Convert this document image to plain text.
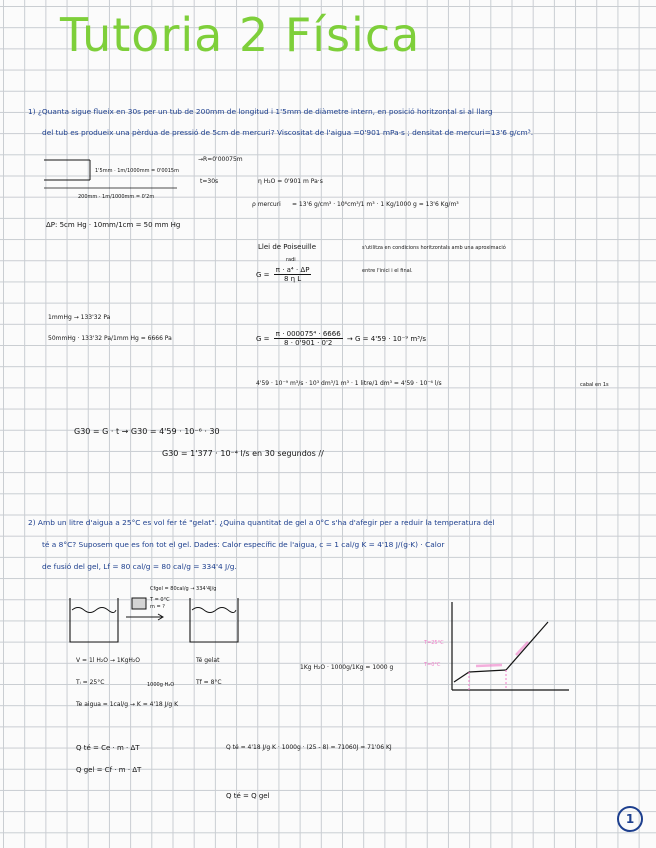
Tutoria 2 Física
1) ¿Quanta sigue flueix en 30s per un tub de 200mm de longitud i 1'5mm de diàmetre intern, en posició horitzontal si al llarg
del tub es produeix una pèrdua de pressió de 5cm de mercuri? Viscositat de l'aigua =0'901 mPa·s ; densitat de mercuri=13'6 g/cm³.
1'5mm · 1m/1000mm = 0'0015m
→R=0'00075m
200mm · 1m/1000mm = 0'2m
t=30s	η H₂O = 0'901 m Pa·s
ρ mercuri = 13'6 g/cm³ · 10⁶cm³/1 m³ · 1 Kg/1000 g = 13'6 Kg/m³
ΔP: 5cm Hg · 10mm/1cm = 50 mm Hg
Llei de Poiseuille	s'utilitza en condicions horitzontals amb una aproximació
entre l'inici i el final.
radi
$G = \frac{\text{π · a⁴ · ΔP}}{\text{8 η L}}$
1mmHg → 133'32 Pa
50mmHg · 133'32 Pa/1mm Hg = 6666 Pa	$G = \frac{\text{π · 000075⁴ · 6666}}{8 \cdot 0'901 \cdot 0'2} \to G = 4'59 \cdot 10^{-9}$ m³/s
4'59 · 10⁻⁹ m³/s · 10³ dm³/1 m³ · 1 litre/1 dm³ = 4'59 · 10⁻⁶ l/s	cabal en 1s
G30 = G · t → G30 = 4'59 · 10⁻⁶ · 30
G30 = 1'377 · 10⁻⁴ l/s en 30 segundos //
2) Amb un litre d'aigua a 25°C es vol fer té "gelat". ¿Quina quantitat de gel a 0°C s'ha d'afegir per a reduir la temperatura del
té a 8°C? Suposem que es fon tot el gel. Dades: Calor específic de l'aigua, c = 1 cal/g K = 4'18 J/(g·K) · Calor
de fusió del gel, Lf = 80 cal/g = 80 cal/g = 334'4 J/g.
Cfgel = 80cal/g → 334'4J/g
T = 0°C
m = ?
V = 1l H₂O → 1KgH₂O
Tᵢ = 25°C
Te aigua = 1cal/g → K = 4'18 J/g K
Té gelat
1000g H₂O	Tf = 8°C
1Kg H₂O · 1000g/1Kg = 1000 g
T=25°C
T=0°C
Q té = Ce · m · ΔT
Q gel = Cf · m · ΔT
Q té = 4'18 J/g K · 1000g · (25 - 8) = 71060J = 71'06 KJ
Q té = Q gel
1
